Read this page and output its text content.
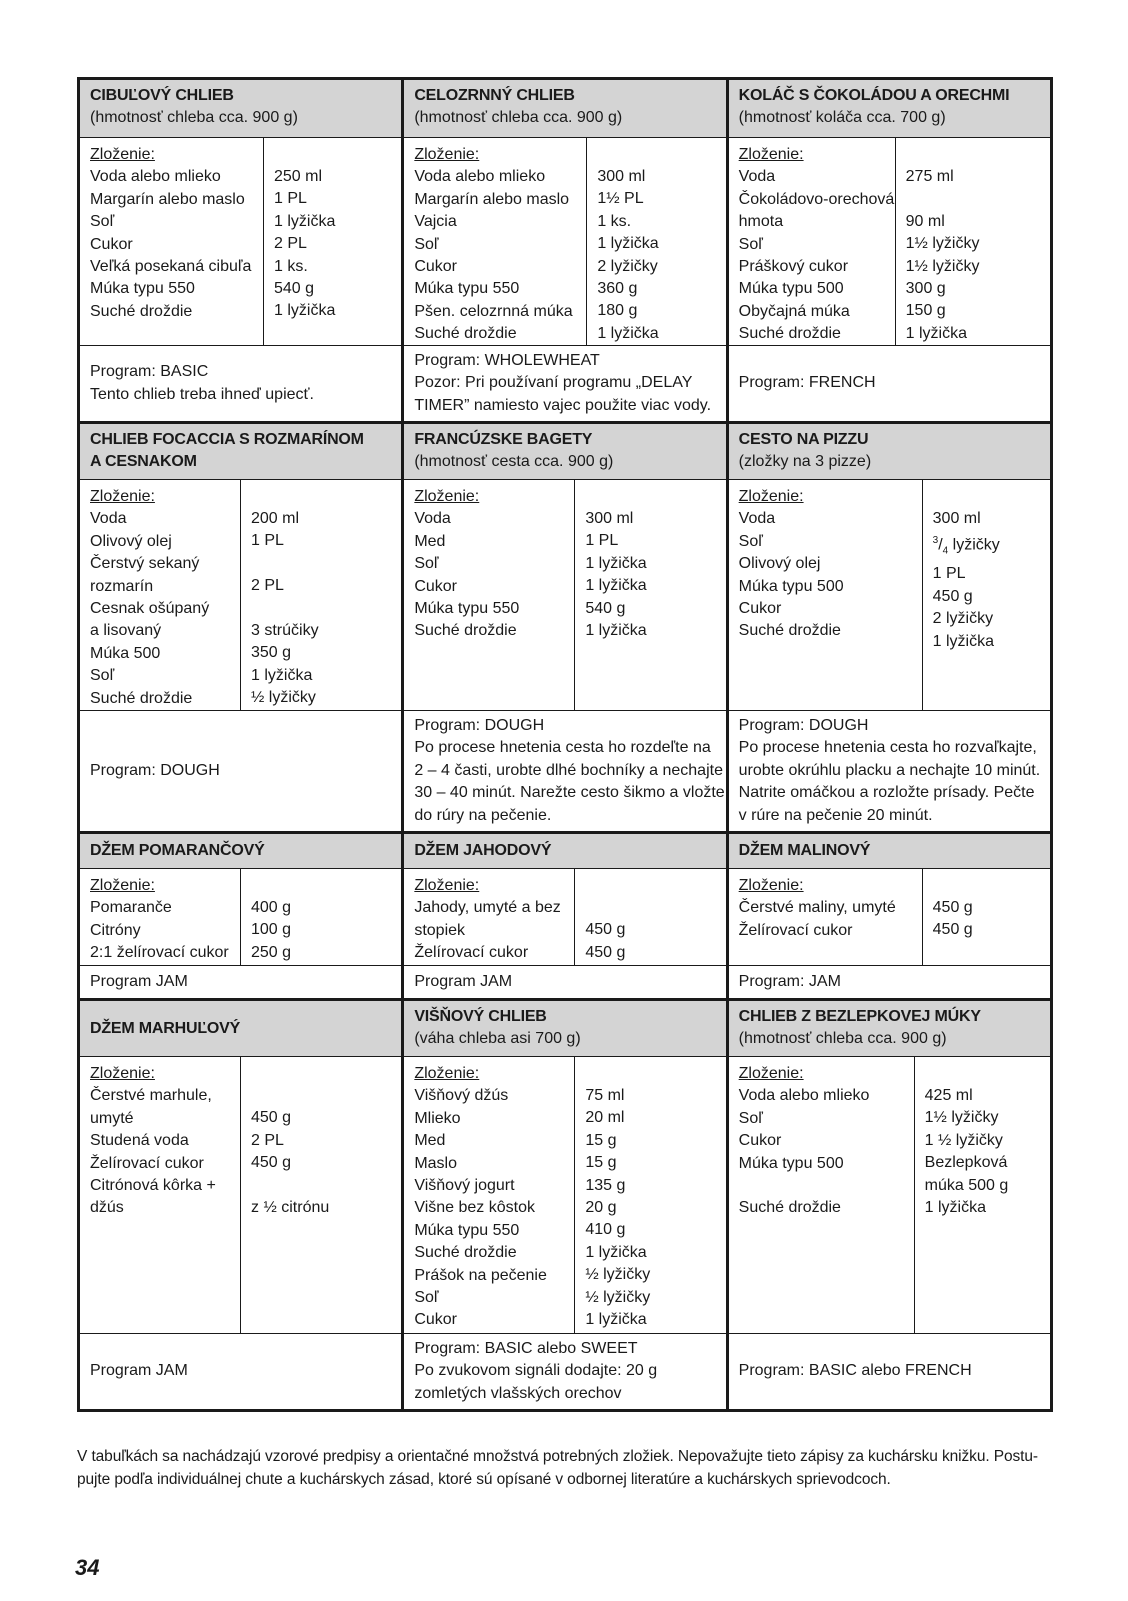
CIBUĽOVÝ CHLIEB
(hmotnosť chleba cca. 900 g)
Zloženie:
Voda alebo mlieko
Margarín alebo maslo
Soľ
Cukor
Veľká posekaná cibuľa
Múka typu 550
Suché droždie
250 ml
1 PL
1 lyžička
2 PL
1 ks.
540 g
1 lyžička
Program: BASIC
Tento chlieb treba ihneď upiecť.
CELOZRNNÝ CHLIEB
(hmotnosť chleba cca. 900 g)
Zloženie:
Voda alebo mlieko
Margarín alebo maslo
Vajcia
Soľ
Cukor
Múka typu 550
Pšen. celozrnná múka
Suché droždie
300 ml
1½ PL
1 ks.
1 lyžička
2 lyžičky
360 g
180 g
1 lyžička
Program: WHOLEWHEAT
Pozor: Pri používaní programu „DELAY
TIMER” namiesto vajec použite viac vody.
KOLÁČ S ČOKOLÁDOU A ORECHMI
(hmotnosť koláča cca. 700 g)
Zloženie:
Voda
Čokoládovo-orechová
hmota
Soľ
Práškový cukor
Múka typu 500
Obyčajná múka
Suché droždie
275 ml
90 ml
1½ lyžičky
1½ lyžičky
300 g
150 g
1 lyžička
Program: FRENCH
CHLIEB FOCACCIA S ROZMARÍNOM
A CESNAKOM
Zloženie:
Voda
Olivový olej
Čerstvý sekaný
rozmarín
Cesnak ošúpaný
a lisovaný
Múka 500
Soľ
Suché droždie
200 ml
1 PL
2 PL
3 strúčiky
350 g
1 lyžička
½ lyžičky
Program: DOUGH
FRANCÚZSKE BAGETY
(hmotnosť cesta cca. 900 g)
Zloženie:
Voda
Med
Soľ
Cukor
Múka typu 550
Suché droždie
300 ml
1 PL
1 lyžička
1 lyžička
540 g
1 lyžička
Program: DOUGH
Po procese hnetenia cesta ho rozdeľte na
2 – 4 časti, urobte dlhé bochníky a nechajte
30 – 40 minút. Narežte cesto šikmo a vložte
do rúry na pečenie.
CESTO NA PIZZU
(zložky na 3 pizze)
Zloženie:
Voda
Soľ
Olivový olej
Múka typu 500
Cukor
Suché droždie
300 ml
$^3/_4$ lyžičky
1 PL
450 g
2 lyžičky
1 lyžička
Program: DOUGH
Po procese hnetenia cesta ho rozvaľkajte,
urobte okrúhlu placku a nechajte 10 minút.
Natrite omáčkou a rozložte prísady. Pečte
v rúre na pečenie 20 minút.
DŽEM POMARANČOVÝ
Zloženie:
Pomaranče
Citróny
2:1 želírovací cukor
400 g
100 g
250 g
Program JAM
DŽEM JAHODOVÝ
Zloženie:
Jahody, umyté a bez
stopiek
Želírovací cukor
450 g
450 g
Program JAM
DŽEM MALINOVÝ
Zloženie:
Čerstvé maliny, umyté
Želírovací cukor
450 g
450 g
Program: JAM
DŽEM MARHUĽOVÝ
Zloženie:
Čerstvé marhule,
umyté
Studená voda
Želírovací cukor
Citrónová kôrka +
džús
450 g
2 PL
450 g
z ½ citrónu
Program JAM
VIŠŇOVÝ CHLIEB
(váha chleba asi 700 g)
Zloženie:
Višňový džús
Mlieko
Med
Maslo
Višňový jogurt
Višne bez kôstok
Múka typu 550
Suché droždie
Prášok na pečenie
Soľ
Cukor
75 ml
20 ml
15 g
15 g
135 g
20 g
410 g
1 lyžička
½ lyžičky
½ lyžičky
1 lyžička
Program: BASIC alebo SWEET
Po zvukovom signáli dodajte: 20 g
zomletých vlašských orechov
CHLIEB Z BEZLEPKOVEJ MÚKY
(hmotnosť chleba cca. 900 g)
Zloženie:
Voda alebo mlieko
Soľ
Cukor
Múka typu 500
Suché droždie
425 ml
1½ lyžičky
1 ½ lyžičky
Bezlepková
múka 500 g
1 lyžička
Program: BASIC alebo FRENCH
V tabuľkách sa nachádzajú vzorové predpisy a orientačné množstvá potrebných zložiek. Nepovažujte tieto zápisy za kuchársku knižku. Postu-
pujte podľa individuálnej chute a kuchárskych zásad, ktoré sú opísané v odbornej literatúre a kuchárskych sprievodcoch.
34
